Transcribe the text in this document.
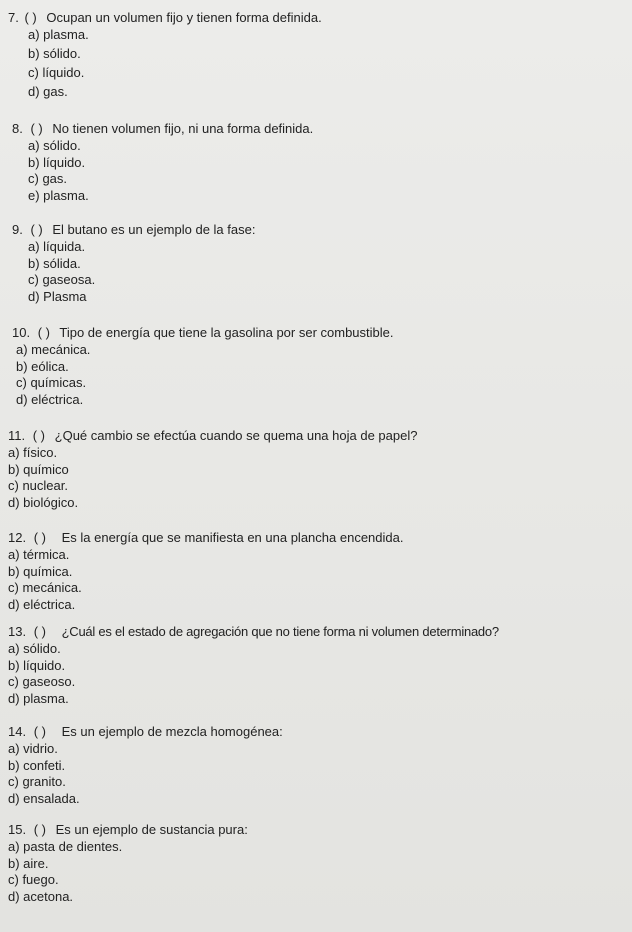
7. ( ) Ocupan un volumen fijo y tienen forma definida.
a) plasma.
b) sólido.
c) líquido.
d) gas.
8. ( ) No tienen volumen fijo, ni una forma definida.
a) sólido.
b) líquido.
c) gas.
e) plasma.
9. ( ) El butano es un ejemplo de la fase:
a) líquida.
b) sólida.
c) gaseosa.
d) Plasma
10. ( ) Tipo de energía que tiene la gasolina por ser combustible.
a) mecánica.
b) eólica.
c) químicas.
d) eléctrica.
11. ( ) ¿Qué cambio se efectúa cuando se quema una hoja de papel?
a) físico.
b) químico
c) nuclear.
d) biológico.
12. ( ) Es la energía que se manifiesta en una plancha encendida.
a) térmica.
b) química.
c) mecánica.
d) eléctrica.
13. ( ) ¿Cuál es el estado de agregación que no tiene forma ni volumen determinado?
a) sólido.
b) líquido.
c) gaseoso.
d) plasma.
14. ( ) Es un ejemplo de mezcla homogénea:
a) vidrio.
b) confeti.
c) granito.
d) ensalada.
15. ( ) Es un ejemplo de sustancia pura:
a) pasta de dientes.
b) aire.
c) fuego.
d) acetona.
